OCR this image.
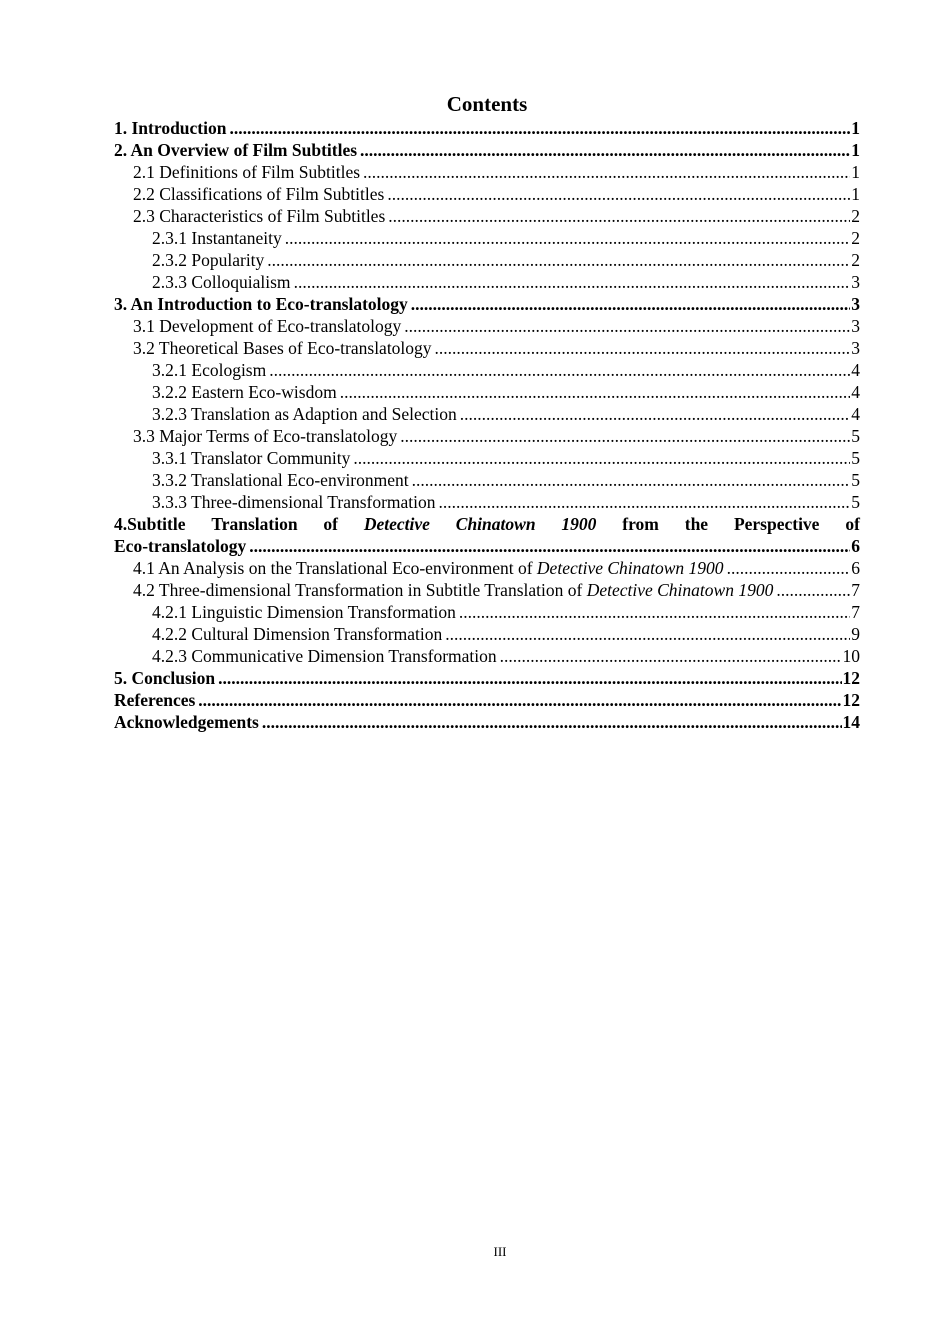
Contents
1. Introduction .....	1
2. An Overview of Film Subtitles .....	1
2.1 Definitions of Film Subtitles .....	1
2.2 Classifications of Film Subtitles .....	1
2.3 Characteristics of Film Subtitles .....	2
2.3.1 Instantaneity .....	2
2.3.2 Popularity .....	2
2.3.3 Colloquialism .....	3
3. An Introduction to Eco-translatology .....	3
3.1 Development of Eco-translatology .....	3
3.2 Theoretical Bases of Eco-translatology .....	3
3.2.1 Ecologism .....	4
3.2.2 Eastern Eco-wisdom .....	4
3.2.3 Translation as Adaption and Selection .....	4
3.3 Major Terms of Eco-translatology .....	5
3.3.1 Translator Community .....	5
3.3.2 Translational Eco-environment .....	5
3.3.3 Three-dimensional Transformation .....	5
4.Subtitle Translation of Detective Chinatown 1900 from the Perspective of
Eco-translatology .....	6
4.1 An Analysis on the Translational Eco-environment of Detective Chinatown 1900 .....	6
4.2 Three-dimensional Transformation in Subtitle Translation of Detective Chinatown 1900 .....	7
4.2.1 Linguistic Dimension Transformation .....	7
4.2.2 Cultural Dimension Transformation .....	9
4.2.3 Communicative Dimension Transformation .....	10
5. Conclusion .....	12
References .....	12
Acknowledgements .....	14
III
